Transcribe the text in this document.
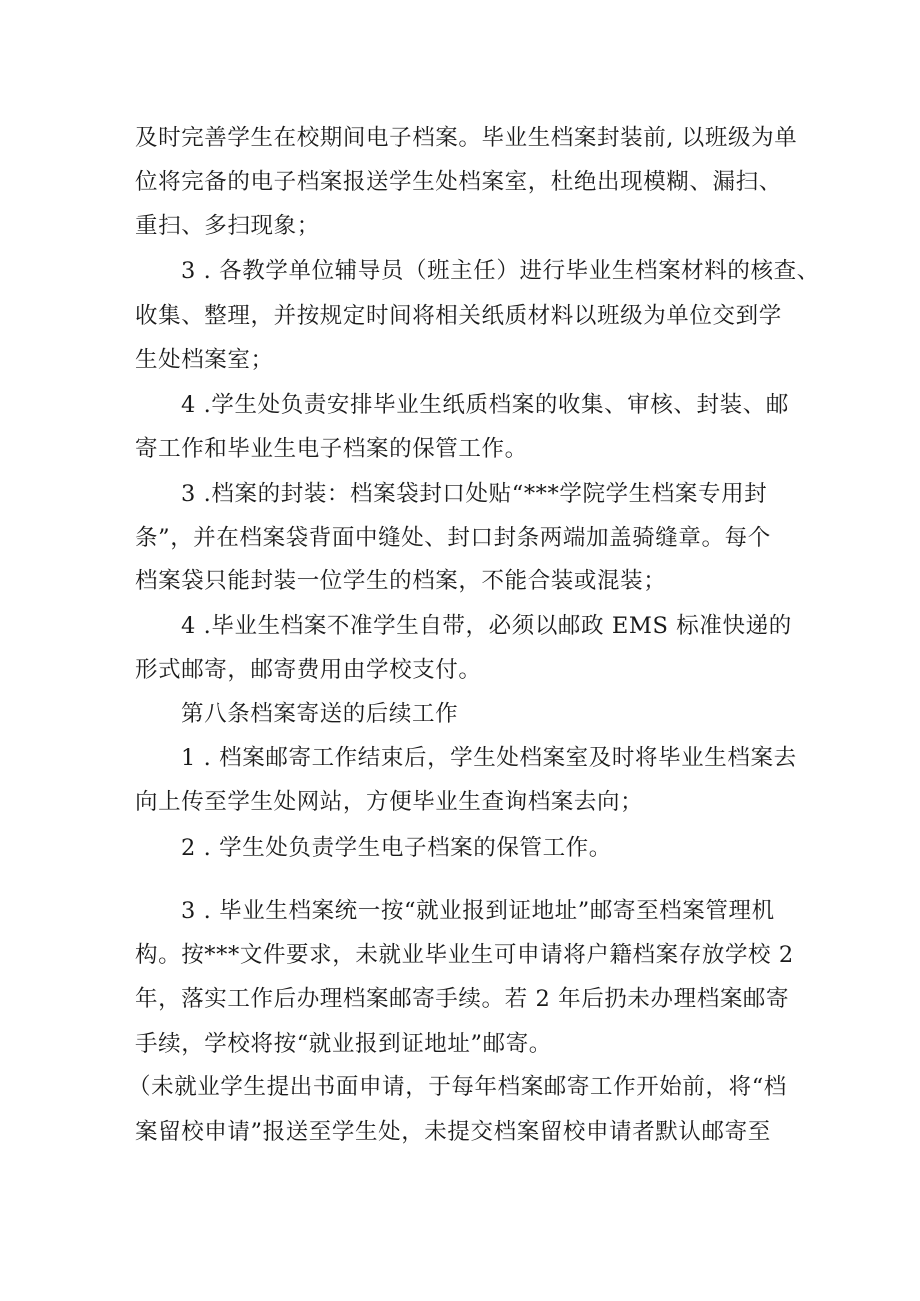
及时完善学生在校期间电子档案。毕业生档案封装前, 以班级为单
位将完备的电子档案报送学生处档案室，杜绝出现模糊、漏扫、
重扫、多扫现象；
3 . 各教学单位辅导员（班主任）进行毕业生档案材料的核查、
收集、整理，并按规定时间将相关纸质材料以班级为单位交到学
生处档案室；
4 .学生处负责安排毕业生纸质档案的收集、审核、封装、邮
寄工作和毕业生电子档案的保管工作。
3 .档案的封装：档案袋封口处贴“***学院学生档案专用封
条”，并在档案袋背面中缝处、封口封条两端加盖骑缝章。每个
档案袋只能封装一位学生的档案，不能合装或混装；
4 .毕业生档案不准学生自带，必须以邮政 EMS 标准快递的
形式邮寄，邮寄费用由学校支付。
第八条档案寄送的后续工作
1 . 档案邮寄工作结束后，学生处档案室及时将毕业生档案去
向上传至学生处网站，方便毕业生查询档案去向；
2 . 学生处负责学生电子档案的保管工作。
3 . 毕业生档案统一按“就业报到证地址”邮寄至档案管理机
构。按***文件要求，未就业毕业生可申请将户籍档案存放学校 2
年，落实工作后办理档案邮寄手续。若 2 年后扔未办理档案邮寄
手续，学校将按“就业报到证地址”邮寄。
（未就业学生提出书面申请，于每年档案邮寄工作开始前，将“档
案留校申请”报送至学生处，未提交档案留校申请者默认邮寄至
